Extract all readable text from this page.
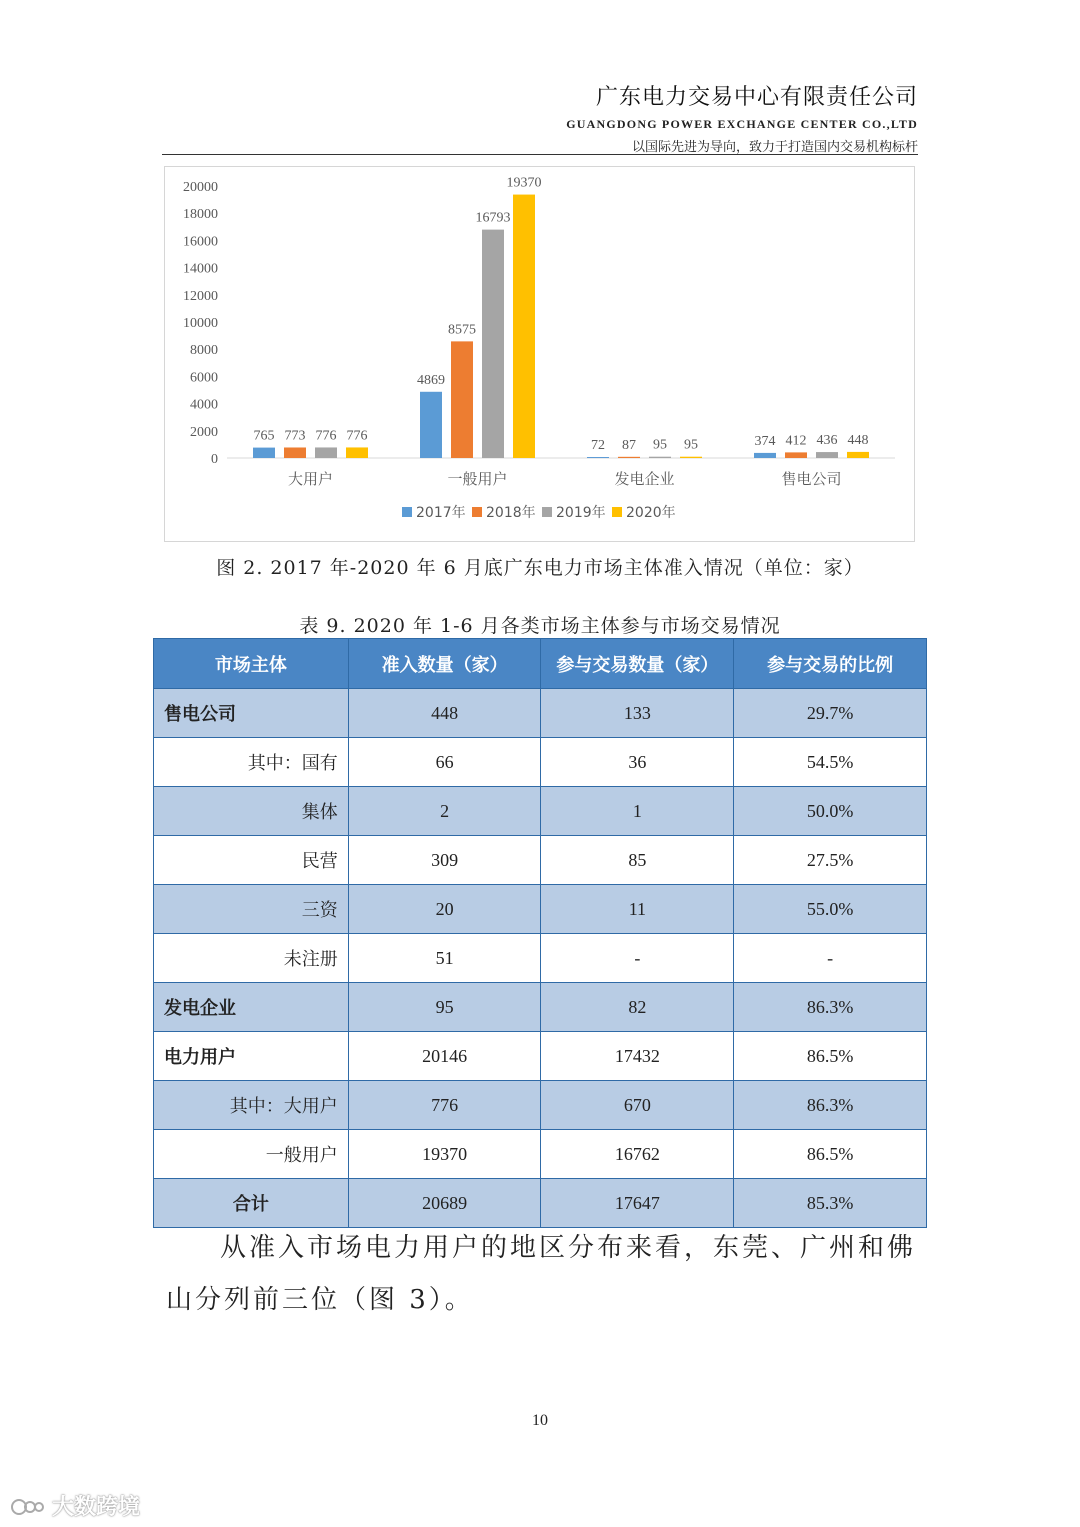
广东电力交易中心有限责任公司
GUANGDONG POWER EXCHANGE CENTER CO.,LTD
以国际先进为导向，致力于打造国内交易机构标杆
0
2000
4000
6000
8000
10000
12000
14000
16000
18000
20000
大用户
765 773 776 776
一般用户
4869
8575
16793
19370
发电企业
72 87 95 95
售电公司
374 412 436 448
2017年 2018年 2019年 2020年
图 2. 2017 年-2020 年 6 月底广东电力市场主体准入情况（单位：家）
表 9. 2020 年 1-6 月各类市场主体参与市场交易情况
市场主体	准入数量（家）	参与交易数量（家）	参与交易的比例
售电公司	448	133	29.7%
其中：国有	66	36	54.5%
集体	2	1	50.0%
民营	309	85	27.5%
三资	20	11	55.0%
未注册	51	-	-
发电企业	95	82	86.3%
电力用户	20146	17432	86.5%
其中：大用户	776	670	86.3%
一般用户	19370	16762	86.5%
合计	20689	17647	85.3%
从准入市场电力用户的地区分布来看，东莞、广州和佛山分列前三位（图 3）。
10
大数跨境
